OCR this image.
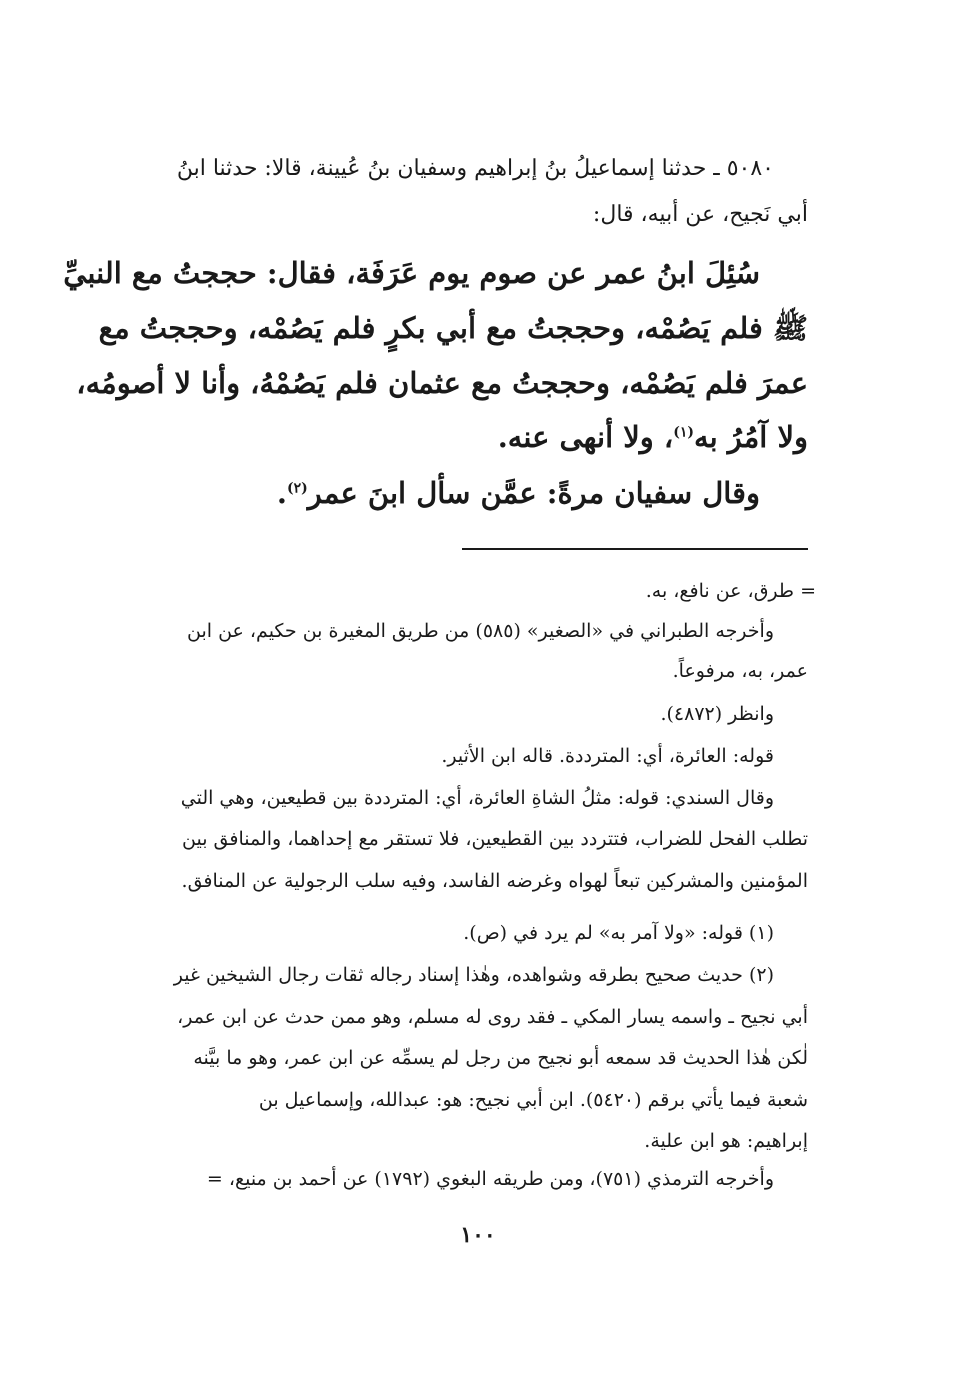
٥٠٨٠ ـ حدثنا إسماعيلُ بنُ إبراهيم وسفيان بنُ عُيينة، قالا: حدثنا ابنُ
أبي نَجيح، عن أبيه، قال:
سُئِلَ ابنُ عمر عن صوم يوم عَرَفَة، فقال: حججتُ مع النبيِّ
ﷺ فلم يَصُمْه، وحججتُ مع أبي بكرٍ فلم يَصُمْه، وحججتُ مع
عمرَ فلم يَصُمْه، وحججتُ مع عثمان فلم يَصُمْهُ، وأنا لا أصومُه،
ولا آمُرُ به$^{(١)}$، ولا أنهى عنه.
وقال سفيان مرةً: عمَّن سأل ابنَ عمر$^{(٢)}$.
= طرق، عن نافع، به.
وأخرجه الطبراني في «الصغير» (٥٨٥) من طريق المغيرة بن حكيم، عن ابن
عمر، به، مرفوعاً.
وانظر (٤٨٧٢).
قوله: العائرة، أي: المترددة. قاله ابن الأثير.
وقال السندي: قوله: مثلُ الشاةِ العائرة، أي: المترددة بين قطيعين، وهي التي
تطلب الفحل للضراب، فتتردد بين القطيعين، فلا تستقر مع إحداهما، والمنافق بين
المؤمنين والمشركين تبعاً لهواه وغرضه الفاسد، وفيه سلب الرجولية عن المنافق.
(١) قوله: «ولا آمر به» لم يرد في (ص).
(٢) حديث صحيح بطرقه وشواهده، وهٰذا إسناد رجاله ثقات رجال الشيخين غير
أبي نجيح ـ واسمه يسار المكي ـ فقد روى له مسلم، وهو ممن حدث عن ابن عمر،
لٰكن هٰذا الحديث قد سمعه أبو نجيح من رجل لم يسمِّه عن ابن عمر، وهو ما بيَّنه
شعبة فيما يأتي برقم (٥٤٢٠). ابن أبي نجيح: هو: عبدالله، وإسماعيل بن
إبراهيم: هو ابن علية.
وأخرجه الترمذي (٧٥١)، ومن طريقه البغوي (١٧٩٢) عن أحمد بن منيع، =
١٠٠
